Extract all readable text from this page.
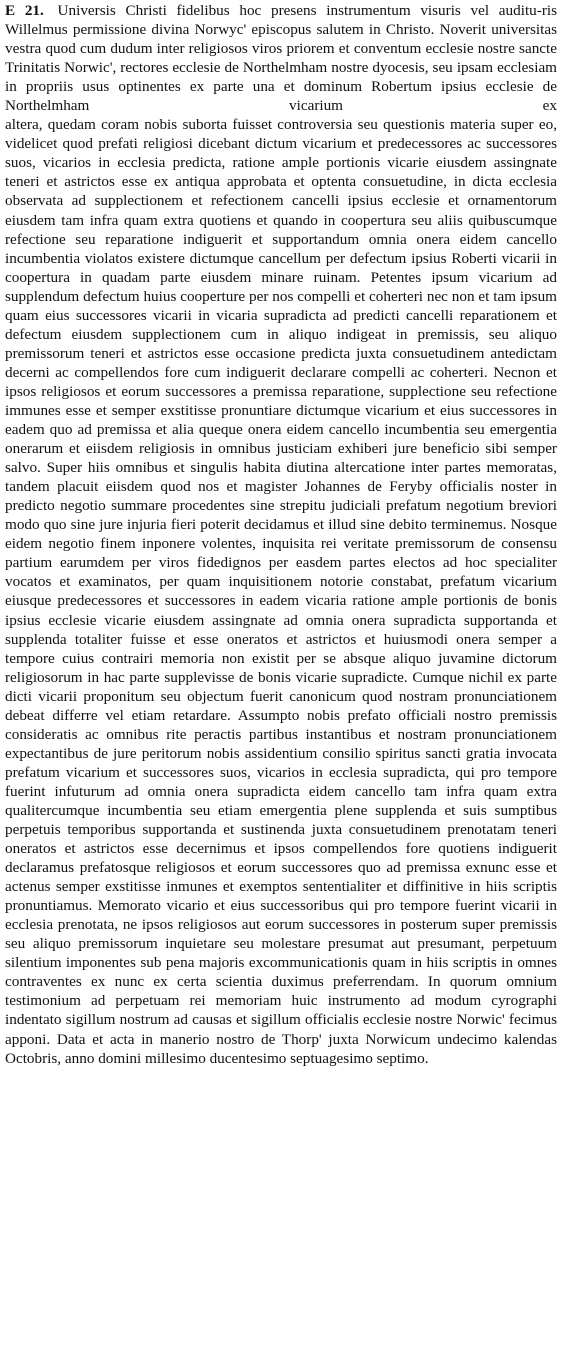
E 21. Universis Christi fidelibus hoc presens instrumentum visuris vel auditu-ris Willelmus permissione divina Norwyc' episcopus salutem in Christo. Noverit universitas vestra quod cum dudum inter religiosos viros priorem et conventum ecclesie nostre sancte Trinitatis Norwic', rectores ecclesie de Northelmham nostre dyocesis, seu ipsam ecclesiam in propriis usus optinentes ex parte una et dominum Robertum ipsius ecclesie de Northelmham vicarium ex
altera, quedam coram nobis suborta fuisset controversia seu questionis materia super eo, videlicet quod prefati religiosi dicebant dictum vicarium et predecessores ac successores suos, vicarios in ecclesia predicta, ratione ample portionis vicarie eiusdem assingnate teneri et astrictos esse ex antiqua approbata et optenta consuetudine, in dicta ecclesia observata ad supplectionem et refectionem cancelli ipsius ecclesie et ornamentorum eiusdem tam infra quam extra quotiens et quando in coopertura seu aliis quibuscumque refectione seu reparatione indiguerit et supportandum omnia onera eidem cancello incumbentia violatos existere dictumque cancellum per defectum ipsius Roberti vicarii in coopertura in quadam parte eiusdem minare ruinam. Petentes ipsum vicarium ad supplendum defectum huius cooperture per nos compelli et coherteri nec non et tam ipsum quam eius successores vicarii in vicaria supradicta ad predicti cancelli reparationem et defectum eiusdem supplectionem cum in aliquo indigeat in premissis, seu aliquo premissorum teneri et astrictos esse occasione predicta juxta consuetudinem antedictam decerni ac compellendos fore cum indiguerit declarare compelli ac coherteri. Necnon et ipsos religiosos et eorum successores a premissa reparatione, supplectione seu refectione immunes esse et semper exstitisse pronuntiare dictumque vicarium et eius successores in eadem quo ad premissa et alia queque onera eidem cancello incumbentia seu emergentia onerarum et eiisdem religiosis in omnibus justiciam exhiberi jure beneficio sibi semper salvo. Super hiis omnibus et singulis habita diutina altercatione inter partes memoratas, tandem placuit eiisdem quod nos et magister Johannes de Feryby officialis noster in predicto negotio summare procedentes sine strepitu judiciali prefatum negotium breviori modo quo sine jure injuria fieri poterit decidamus et illud sine debito terminemus. Nosque eidem negotio finem inponere volentes, inquisita rei veritate premissorum de consensu partium earumdem per viros fidedignos per easdem partes electos ad hoc specialiter vocatos et examinatos, per quam inquisitionem notorie constabat, prefatum vicarium eiusque predecessores et successores in eadem vicaria ratione ample portionis de bonis ipsius ecclesie vicarie eiusdem assingnate ad omnia onera supradicta supportanda et supplenda totaliter fuisse et esse oneratos et astrictos et huiusmodi onera semper a tempore cuius contrairi memoria non existit per se absque aliquo juvamine dictorum religiosorum in hac parte supplevisse de bonis vicarie supradicte. Cumque nichil ex parte dicti vicarii proponitum seu objectum fuerit canonicum quod nostram pronunciationem debeat differre vel etiam retardare. Assumpto nobis prefato officiali nostro premissis consideratis ac omnibus rite peractis partibus instantibus et nostram pronunciationem expectantibus de jure peritorum nobis assidentium consilio spiritus sancti gratia invocata prefatum vicarium et successores suos, vicarios in ecclesia supradicta, qui pro tempore fuerint infuturum ad omnia onera supradicta eidem cancello tam infra quam extra qualitercumque incumbentia seu etiam emergentia plene supplenda et suis sumptibus perpetuis temporibus supportanda et sustinenda juxta consuetudinem prenotatam teneri oneratos et astrictos esse decernimus et ipsos compellendos fore quotiens indiguerit declaramus prefatosque religiosos et eorum successores quo ad premissa exnunc esse et actenus semper exstitisse inmunes et exemptos sententialiter et diffinitive in hiis scriptis pronuntiamus. Memorato vicario et eius successoribus qui pro tempore fuerint vicarii in ecclesia prenotata, ne ipsos religiosos aut eorum successores in posterum super premissis seu aliquo premissorum inquietare seu molestare presumat aut presumant, perpetuum silentium imponentes sub pena majoris excommunicationis quam in hiis scriptis in omnes contraventes ex nunc ex certa scientia duximus preferrendam. In quorum omnium testimonium ad perpetuam rei memoriam huic instrumento ad modum cyrographi indentato sigillum nostrum ad causas et sigillum officialis ecclesie nostre Norwic' fecimus apponi. Data et acta in manerio nostro de Thorp' juxta Norwicum undecimo kalendas Octobris, anno domini millesimo ducentesimo septuagesimo septimo.
